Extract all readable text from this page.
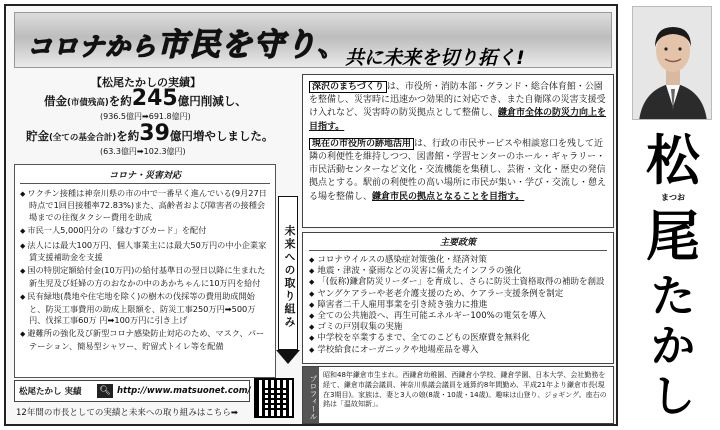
コロナから市民を守り、
共に未来を切り拓く!
【松尾たかしの実績】
借金(市債残高)を約245億円削減し、
(936.5億円➡691.8億円)
貯金(全ての基金合計)を約39億円増やしました。
(63.3億円➡102.3億円)
コロナ・災害対応
◆ ワクチン接種は神奈川県の市の中で一番早く進んでいる(9月27日時点で1回目接種率72.83%)また、高齢者および障害者の接種会場までの往復タクシー費用を助成
◆ 市民一人5,000円分の「縁むすびカード」を配付
◆ 法人には最大100万円、個人事業主には最大50万円の中小企業家賃支援補助金を支援
◆ 国の特別定額給付金(10万円)の給付基準日の翌日以降に生まれた新生児及び妊婦の方のおなかの中のあかちゃんに10万円を給付
◆ 民有緑地(農地や住宅地を除く)の樹木の伐採等の費用助成開始と、防災工事費用の助成上限額を、防災工事250万円➡500万円、伐採工事60万 円➡100万円に引き上げ
◆ 避難所の強化及び新型コロナ感染防止対応のため、マスク、パーテーション、簡易型シャワー、貯留式トイレ等を配備
未来への取り組み

深沢のまちづくり は、市役所・消防本部・グランド・総合体育館・公園を整備し、災害時に迅速かつ効果的に対応でき、また自衛隊の災害支援受け入れなど、災害時の防災拠点として整備し、鎌倉市全体の防災力向上を目指す。

現在の市役所の跡地活用 は、行政の市民サービスや相談窓口を残して近隣の利便性を維持しつつ、図書館・学習センターのホール・ギャラリー・市民活動センターなど文化・交流機能を集積し、芸術・文化・歴史の発信拠点とする。駅前の利便性の高い場所に市民が集い・学び・交流し・憩える場を整備し、鎌倉市民の拠点となることを目指す。

主要政策
◆ コロナウイルスの感染症対策強化・経済対策
◆ 地震・津波・豪雨などの災害に備えたインフラの強化
◆ 「(仮称)鎌倉防災リーダー」を育成し、さらに防災士資格取得の補助を創設
◆ ヤングケアラーや老老介護支援のため、ケアラー支援条例を制定
◆ 障害者二千人雇用事業を引き続き強力に推進
◆ 全ての公共施設へ、再生可能エネルギー100%の電気を導入
◆ ゴミの戸別収集の実施
◆ 中学校を卒業するまで、全てのこどもの医療費を無料化
◆ 学校給食にオーガニックや地場産品を導入
プロフィール 昭和48年鎌倉市生まれ。西鎌倉幼稚園、西鎌倉小学校、鎌倉学園、日本大学、会社勤務を経て、鎌倉市議会議員、神奈川県議会議員を通算約8年間勤め、平成21年より鎌倉市長(現在3期目)。家族は、妻と3人の娘(8歳・10歳・14歳)。趣味は山登り、ジョギング。座右の銘は「温故知新」。
松尾たかし 実績 🔍︎ http://www.matsuonet.com/
12年間の市長としての実績と未来への取り組みはこちら➡
松
まつお
尾
た
か
し
